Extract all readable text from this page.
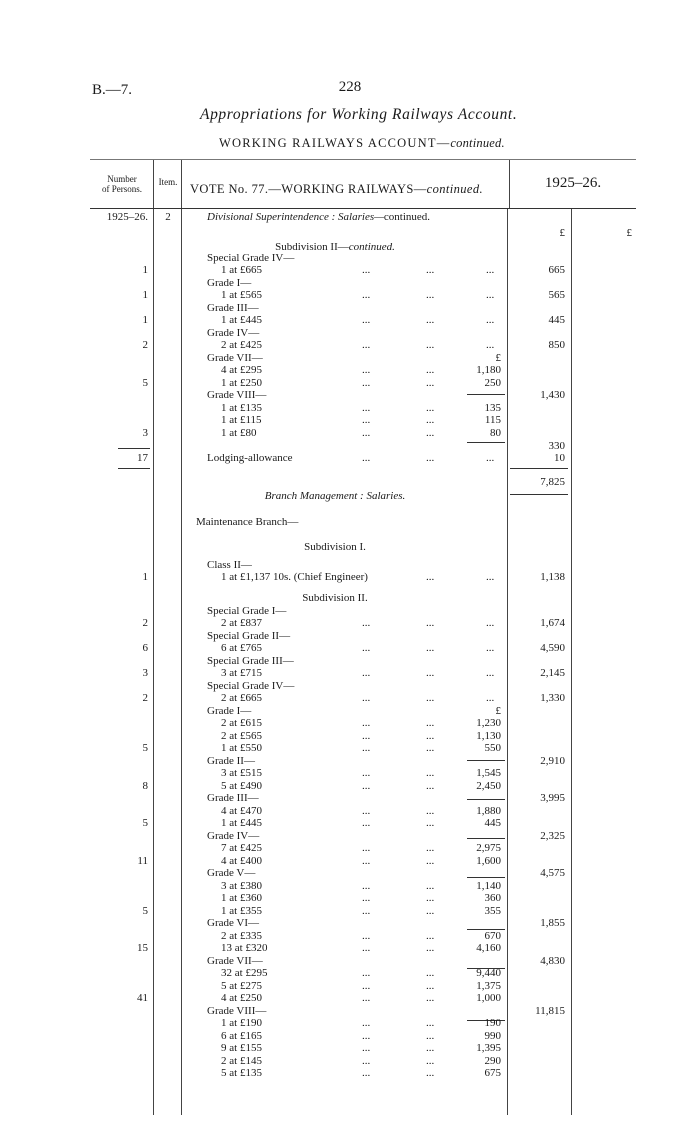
B.—7.	228
Appropriations for Working Railways Account.
WORKING RAILWAYS ACCOUNT—continued.
Number
of Persons.
Item. VOTE No. 77.—WORKING RAILWAYS—continued.	1925–26.
1925–26.	2	Divisional Superintendence : Salaries—continued.
£	£
Subdivision II—continued.
Special Grade IV—
1	1 at £665	...	...	...	665
Grade I—
1	1 at £565	...	...	...	565
Grade III—
1	1 at £445	...	...	...	445
Grade IV—
2	2 at £425	...	...	...	850
Grade VII—	£
4 at £295	...	...	1,180
5	1 at £250	...	...	250
Grade VIII—	1,430
1 at £135	...	...	135
1 at £115	...	...	115
3	1 at £80	...	...	80
330
17	Lodging-allowance	...	...	...	10
7,825
Branch Management : Salaries.
Maintenance Branch—
Subdivision I.
Class II—
1	1 at £1,137 10s. (Chief Engineer)	...	...	1,138
Subdivision II.
Special Grade I—
2	2 at £837	...	...	...	1,674
Special Grade II—
6	6 at £765	...	...	...	4,590
Special Grade III—
3	3 at £715	...	...	...	2,145
Special Grade IV—
2	2 at £665	...	...	...	1,330
Grade I—	£
2 at £615	...	...	1,230
2 at £565	...	...	1,130
5	1 at £550	...	...	550
Grade II—	2,910
3 at £515	...	...	1,545
8	5 at £490	...	...	2,450
Grade III—	3,995
4 at £470	...	...	1,880
5	1 at £445	...	...	445
Grade IV—	2,325
7 at £425	...	...	2,975
11	4 at £400	...	...	1,600
Grade V—	4,575
3 at £380	...	...	1,140
1 at £360	...	...	360
5	1 at £355	...	...	355
Grade VI—	1,855
2 at £335	...	...	670
15	13 at £320	...	...	4,160
Grade VII—	4,830
32 at £295	...	...	9,440
5 at £275	...	...	1,375
41	4 at £250	...	...	1,000
Grade VIII—	11,815
1 at £190	...	...	190
6 at £165	...	...	990
9 at £155	...	...	1,395
2 at £145	...	...	290
5 at £135	...	...	675
